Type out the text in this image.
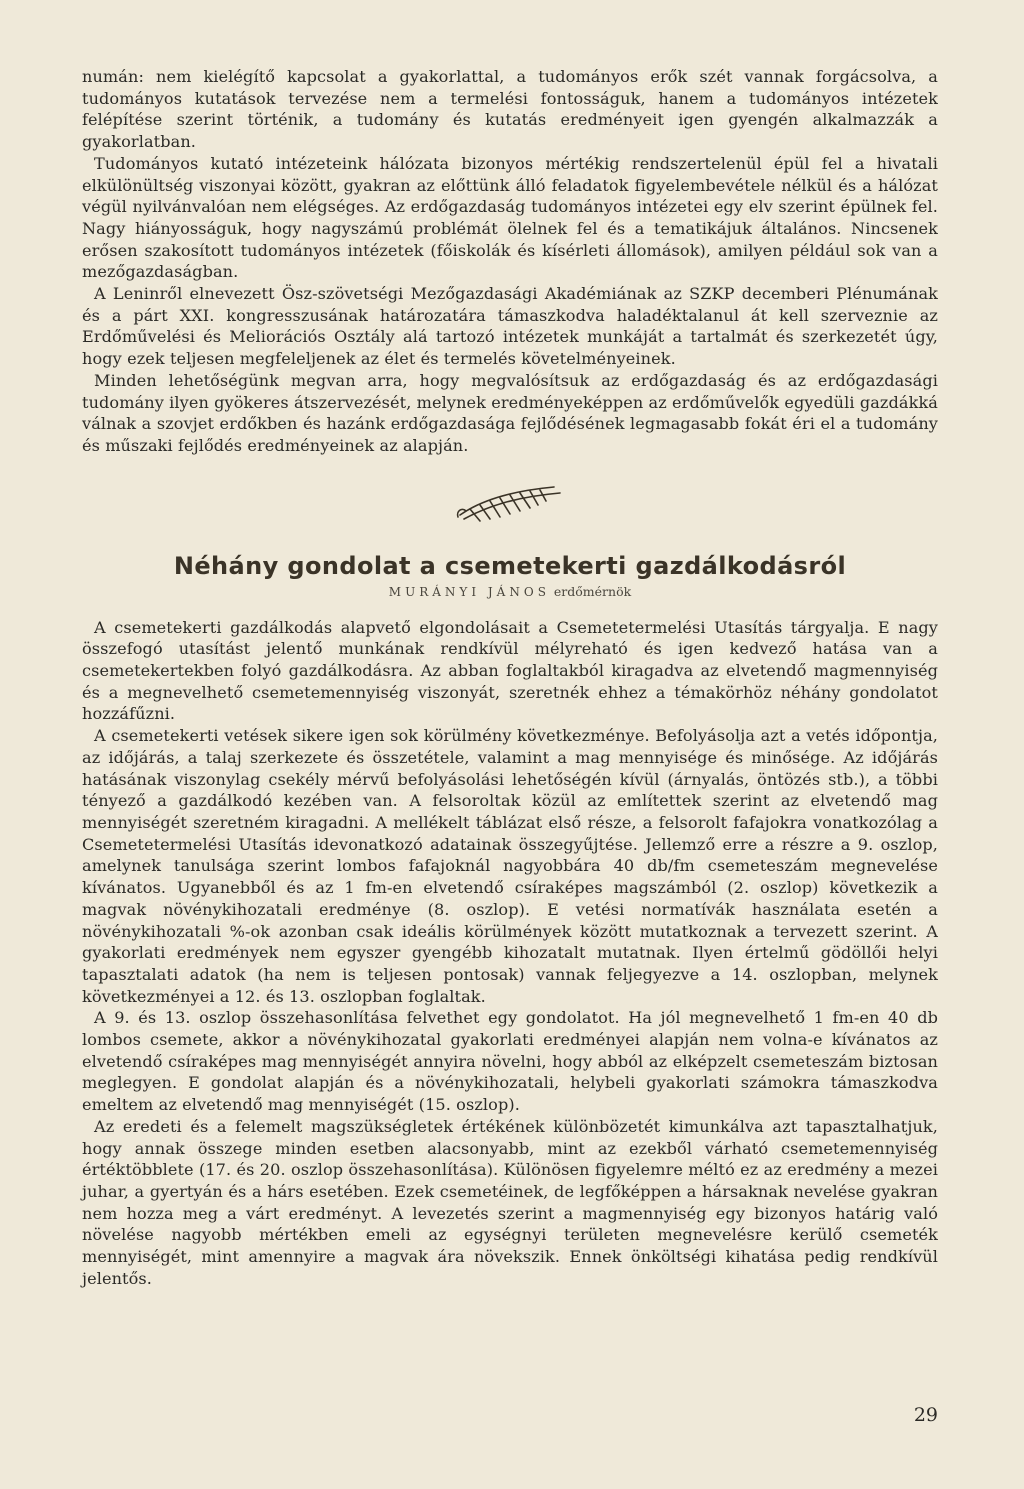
numán: nem kielégítő kapcsolat a gyakorlattal, a tudományos erők szét vannak forgácsolva, a tudományos kutatások tervezése nem a termelési fontosságuk, hanem a tudományos intézetek felépítése szerint történik, a tudomány és kutatás eredményeit igen gyengén alkalmazzák a gyakorlatban.

Tudományos kutató intézeteink hálózata bizonyos mértékig rendszertelenül épül fel a hivatali elkülönültség viszonyai között, gyakran az előttünk álló feladatok figyelembevétele nélkül és a hálózat végül nyilvánvalóan nem elégséges. Az erdőgazdaság tudományos intézetei egy elv szerint épülnek fel. Nagy hiányosságuk, hogy nagyszámú problémát ölelnek fel és a tematikájuk általános. Nincsenek erősen szakosított tudományos intézetek (főiskolák és kísérleti állomások), amilyen például sok van a mezőgazdaságban.

A Leninről elnevezett Ösz-szövetségi Mezőgazdasági Akadémiának az SZKP decemberi Plénumának és a párt XXI. kongresszusának határozatára támaszkodva haladéktalanul át kell szerveznie az Erdőművelési és Meliorációs Osztály alá tartozó intézetek munkáját a tartalmát és szerkezetét úgy, hogy ezek teljesen megfeleljenek az élet és termelés követelményeinek.

Minden lehetőségünk megvan arra, hogy megvalósítsuk az erdőgazdaság és az erdőgazdasági tudomány ilyen gyökeres átszervezését, melynek eredményeképpen az erdőművelők egyedüli gazdákká válnak a szovjet erdőkben és hazánk erdőgazdasága fejlődésének legmagasabb fokát éri el a tudomány és műszaki fejlődés eredményeinek az alapján.

Néhány gondolat a csemetekerti gazdálkodásról
MURÁNYI JÁNOS erdőmérnök

A csemetekerti gazdálkodás alapvető elgondolásait a Csemetetermelési Utasítás tárgyalja. E nagy összefogó utasítást jelentő munkának rendkívül mélyreható és igen kedvező hatása van a csemetekertekben folyó gazdálkodásra. Az abban foglaltakból kiragadva az elvetendő magmennyiség és a megnevelhető csemetemennyiség viszonyát, szeretnék ehhez a témakörhöz néhány gondolatot hozzáfűzni.

A csemetekerti vetések sikere igen sok körülmény következménye. Befolyásolja azt a vetés időpontja, az időjárás, a talaj szerkezete és összetétele, valamint a mag mennyisége és minősége. Az időjárás hatásának viszonylag csekély mérvű befolyásolási lehetőségén kívül (árnyalás, öntözés stb.), a többi tényező a gazdálkodó kezében van. A felsoroltak közül az említettek szerint az elvetendő mag mennyiségét szeretném kiragadni. A mellékelt táblázat első része, a felsorolt fafajokra vonatkozólag a Csemetetermelési Utasítás idevonatkozó adatainak összegyűjtése. Jellemző erre a részre a 9. oszlop, amelynek tanulsága szerint lombos fafajoknál nagyobbára 40 db/fm csemeteszám megnevelése kívánatos. Ugyanebből és az 1 fm-en elvetendő csíraképes magszámból (2. oszlop) következik a magvak növénykihozatali eredménye (8. oszlop). E vetési normatívák használata esetén a növénykihozatali %-ok azonban csak ideális körülmények között mutatkoznak a tervezett szerint. A gyakorlati eredmények nem egyszer gyengébb kihozatalt mutatnak. Ilyen értelmű gödöllői helyi tapasztalati adatok (ha nem is teljesen pontosak) vannak feljegyezve a 14. oszlopban, melynek következményei a 12. és 13. oszlopban foglaltak.

A 9. és 13. oszlop összehasonlítása felvethet egy gondolatot. Ha jól megnevelhető 1 fm-en 40 db lombos csemete, akkor a növénykihozatal gyakorlati eredményei alapján nem volna-e kívánatos az elvetendő csíraképes mag mennyiségét annyira növelni, hogy abból az elképzelt csemeteszám biztosan meglegyen. E gondolat alapján és a növénykihozatali, helybeli gyakorlati számokra támaszkodva emeltem az elvetendő mag mennyiségét (15. oszlop).

Az eredeti és a felemelt magszükségletek értékének különbözetét kimunkálva azt tapasztalhatjuk, hogy annak összege minden esetben alacsonyabb, mint az ezekből várható csemetemennyiség értéktöbblete (17. és 20. oszlop összehasonlítása). Különösen figyelemre méltó ez az eredmény a mezei juhar, a gyertyán és a hárs esetében. Ezek csemetéinek, de legfőképpen a hársaknak nevelése gyakran nem hozza meg a várt eredményt. A levezetés szerint a magmennyiség egy bizonyos határig való növelése nagyobb mértékben emeli az egységnyi területen megnevelésre kerülő csemeték mennyiségét, mint amennyire a magvak ára növekszik. Ennek önköltségi kihatása pedig rendkívül jelentős.

29
